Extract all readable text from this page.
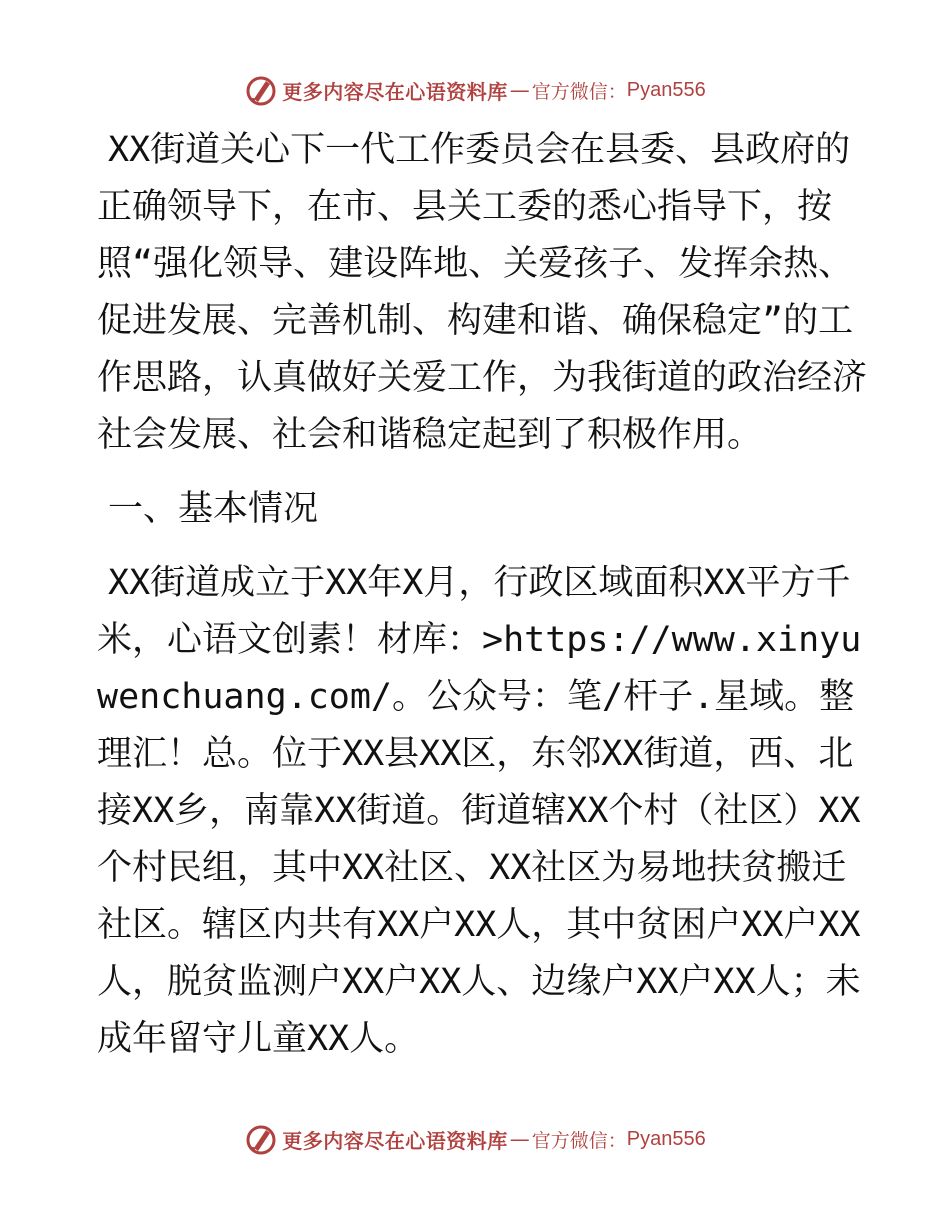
更多内容尽在心语资料库 — 官方微信： Pyan556

XX街道关心下一代工作委员会在县委、县政府的正确领导下，在市、县关工委的悉心指导下，按照“强化领导、建设阵地、关爱孩子、发挥余热、促进发展、完善机制、构建和谐、确保稳定”的工作思路，认真做好关爱工作，为我街道的政治经济社会发展、社会和谐稳定起到了积极作用。

一、基本情况

XX街道成立于XX年X月，行政区域面积XX平方千米，心语文创素！材库：>https://www.xinyuwenchuang.com/。公众号：笔/杆子.星域。整理汇！总。位于XX县XX区，东邻XX街道，西、北接XX乡，南靠XX街道。街道辖XX个村（社区）XX个村民组，其中XX社区、XX社区为易地扶贫搬迁社区。辖区内共有XX户XX人，其中贫困户XX户XX人，脱贫监测户XX户XX人、边缘户XX户XX人；未成年留守儿童XX人。

更多内容尽在心语资料库 — 官方微信： Pyan556
